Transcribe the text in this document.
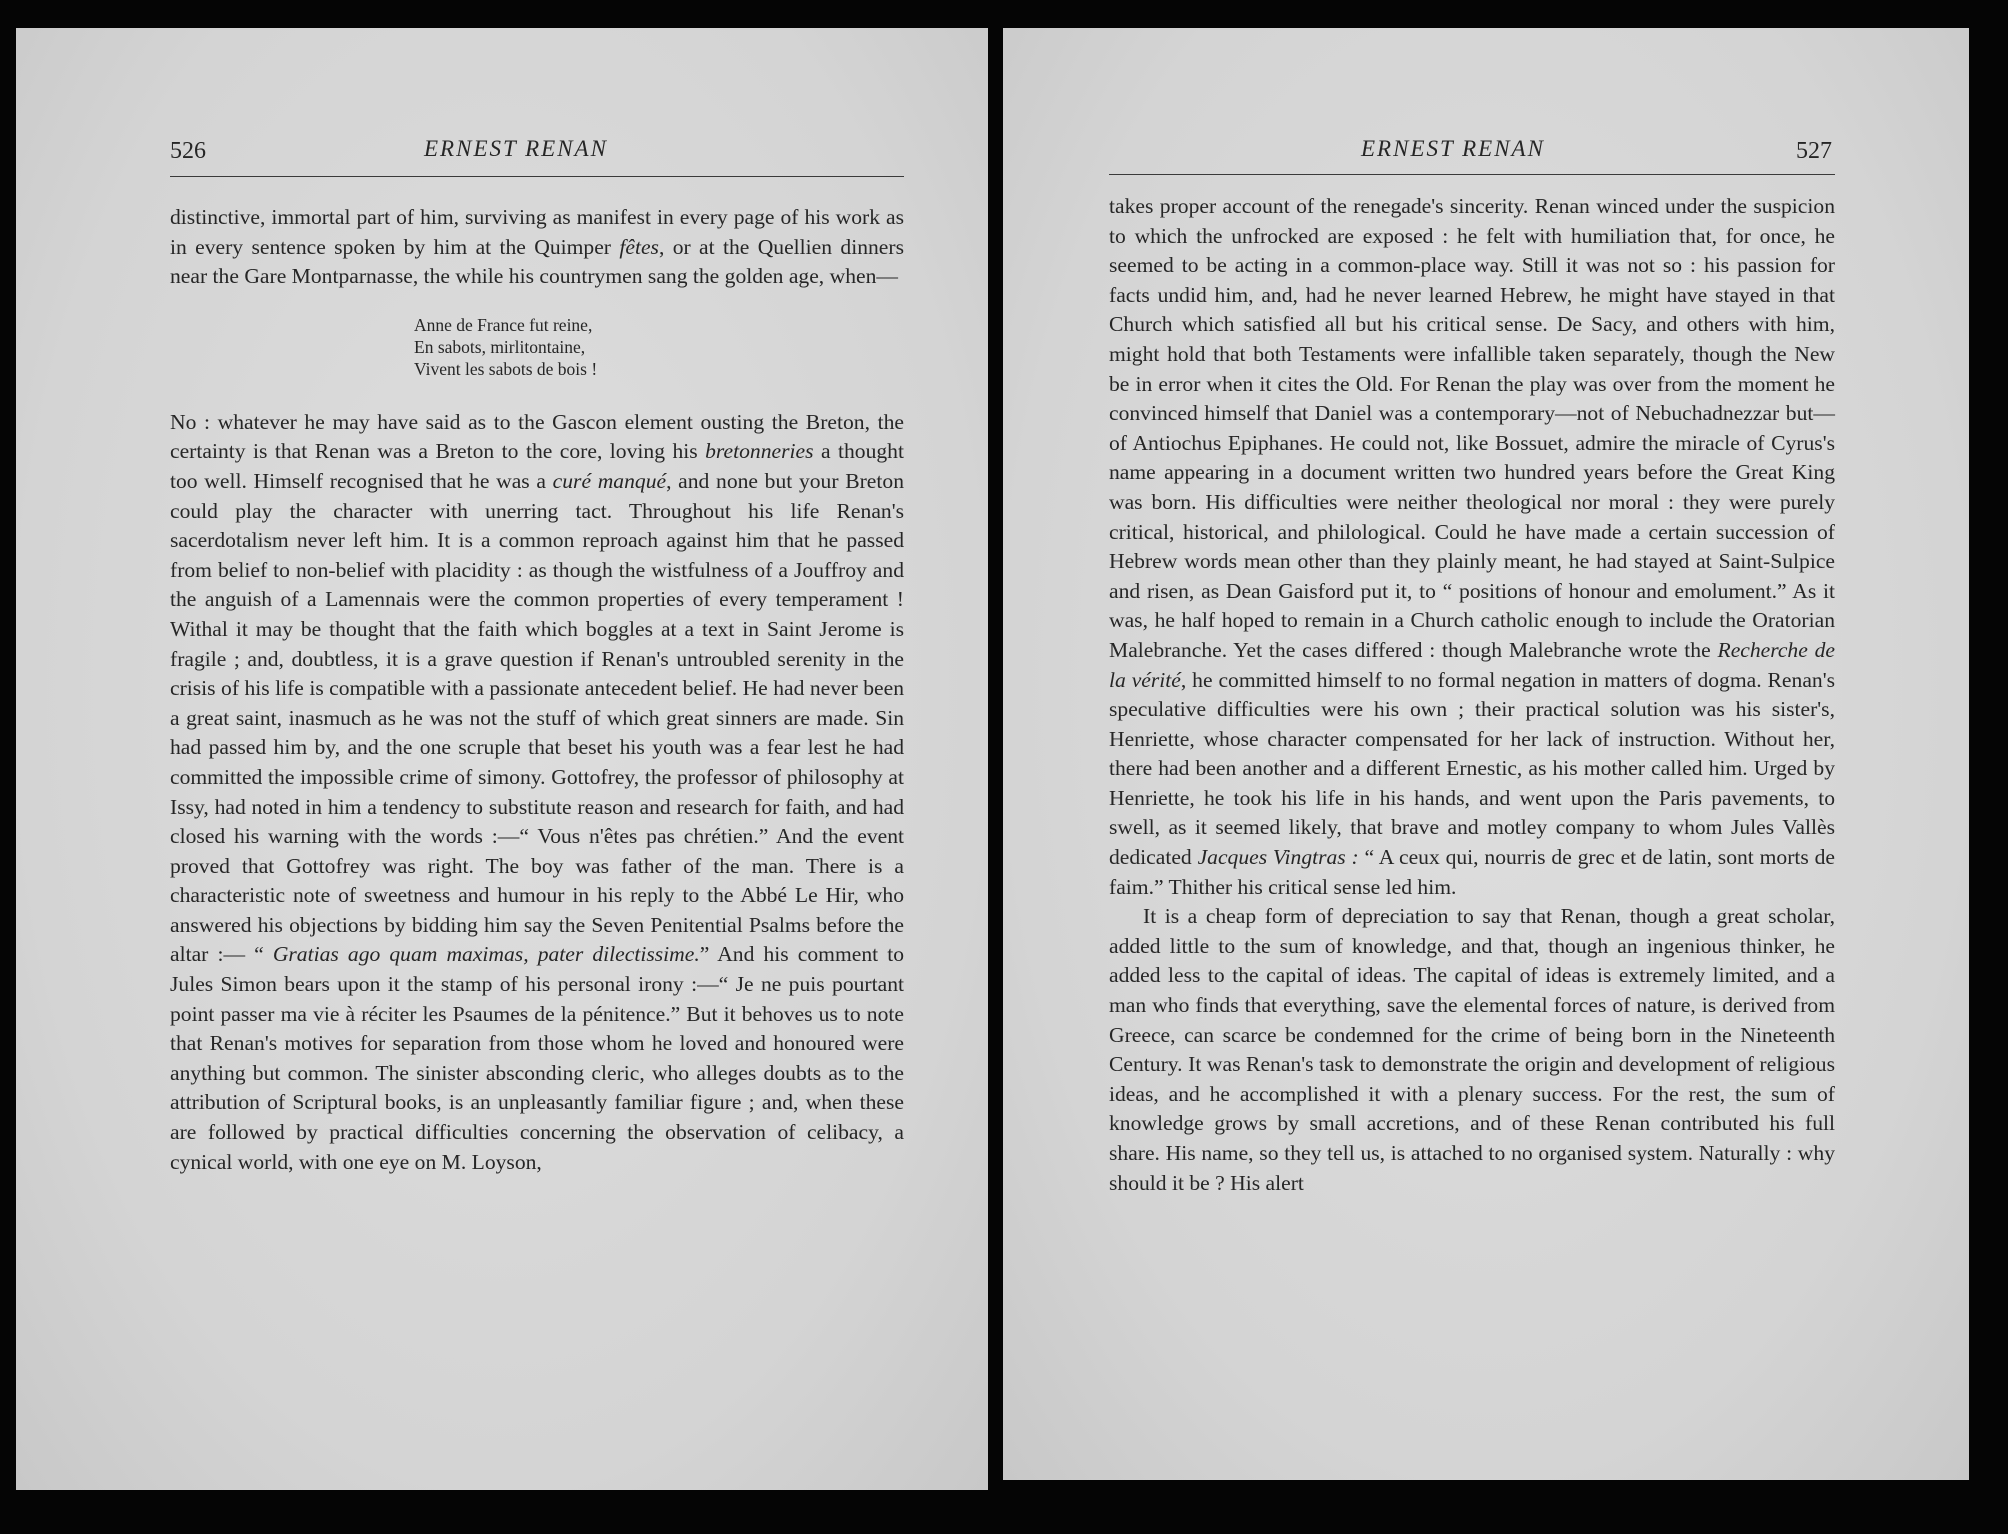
526	ERNEST RENAN

distinctive, immortal part of him, surviving as manifest in every page of his work as in every sentence spoken by him at the Quimper fêtes, or at the Quellien dinners near the Gare Montparnasse, the while his countrymen sang the golden age, when—

Anne de France fut reine,
En sabots, mirlitontaine,
Vivent les sabots de bois !

No : whatever he may have said as to the Gascon element ousting the Breton, the certainty is that Renan was a Breton to the core, loving his bretonneries a thought too well. Himself recognised that he was a curé manqué, and none but your Breton could play the character with unerring tact. Throughout his life Renan's sacerdotalism never left him. It is a common reproach against him that he passed from belief to non-belief with placidity : as though the wistfulness of a Jouffroy and the anguish of a Lamennais were the common properties of every temperament ! Withal it may be thought that the faith which boggles at a text in Saint Jerome is fragile ; and, doubtless, it is a grave question if Renan's untroubled serenity in the crisis of his life is compatible with a passionate antecedent belief. He had never been a great saint, inasmuch as he was not the stuff of which great sinners are made. Sin had passed him by, and the one scruple that beset his youth was a fear lest he had committed the impossible crime of simony. Gottofrey, the professor of philosophy at Issy, had noted in him a tendency to substitute reason and research for faith, and had closed his warning with the words :—“ Vous n'êtes pas chrétien.” And the event proved that Gottofrey was right. The boy was father of the man. There is a characteristic note of sweetness and humour in his reply to the Abbé Le Hir, who answered his objections by bidding him say the Seven Penitential Psalms before the altar :— “ Gratias ago quam maximas, pater dilectissime.” And his comment to Jules Simon bears upon it the stamp of his personal irony :—“ Je ne puis pourtant point passer ma vie à réciter les Psaumes de la pénitence.” But it behoves us to note that Renan's motives for separation from those whom he loved and honoured were anything but common. The sinister absconding cleric, who alleges doubts as to the attribution of Scriptural books, is an unpleasantly familiar figure ; and, when these are followed by practical difficulties concerning the observation of celibacy, a cynical world, with one eye on M. Loyson,

ERNEST RENAN	527

takes proper account of the renegade's sincerity. Renan winced under the suspicion to which the unfrocked are exposed : he felt with humiliation that, for once, he seemed to be acting in a common-place way. Still it was not so : his passion for facts undid him, and, had he never learned Hebrew, he might have stayed in that Church which satisfied all but his critical sense. De Sacy, and others with him, might hold that both Testaments were infallible taken separately, though the New be in error when it cites the Old. For Renan the play was over from the moment he convinced himself that Daniel was a contemporary—not of Nebuchadnezzar but—of Antiochus Epiphanes. He could not, like Bossuet, admire the miracle of Cyrus's name appearing in a document written two hundred years before the Great King was born. His difficulties were neither theological nor moral : they were purely critical, historical, and philological. Could he have made a certain succession of Hebrew words mean other than they plainly meant, he had stayed at Saint-Sulpice and risen, as Dean Gaisford put it, to “ positions of honour and emolument.” As it was, he half hoped to remain in a Church catholic enough to include the Oratorian Malebranche. Yet the cases differed : though Malebranche wrote the Recherche de la vérité, he committed himself to no formal negation in matters of dogma. Renan's speculative difficulties were his own ; their practical solution was his sister's, Henriette, whose character compensated for her lack of instruction. Without her, there had been another and a different Ernestic, as his mother called him. Urged by Henriette, he took his life in his hands, and went upon the Paris pavements, to swell, as it seemed likely, that brave and motley company to whom Jules Vallès dedicated Jacques Vingtras : “ A ceux qui, nourris de grec et de latin, sont morts de faim.” Thither his critical sense led him.

It is a cheap form of depreciation to say that Renan, though a great scholar, added little to the sum of knowledge, and that, though an ingenious thinker, he added less to the capital of ideas. The capital of ideas is extremely limited, and a man who finds that everything, save the elemental forces of nature, is derived from Greece, can scarce be condemned for the crime of being born in the Nineteenth Century. It was Renan's task to demonstrate the origin and development of religious ideas, and he accomplished it with a plenary success. For the rest, the sum of knowledge grows by small accretions, and of these Renan contributed his full share. His name, so they tell us, is attached to no organised system. Naturally : why should it be ? His alert
